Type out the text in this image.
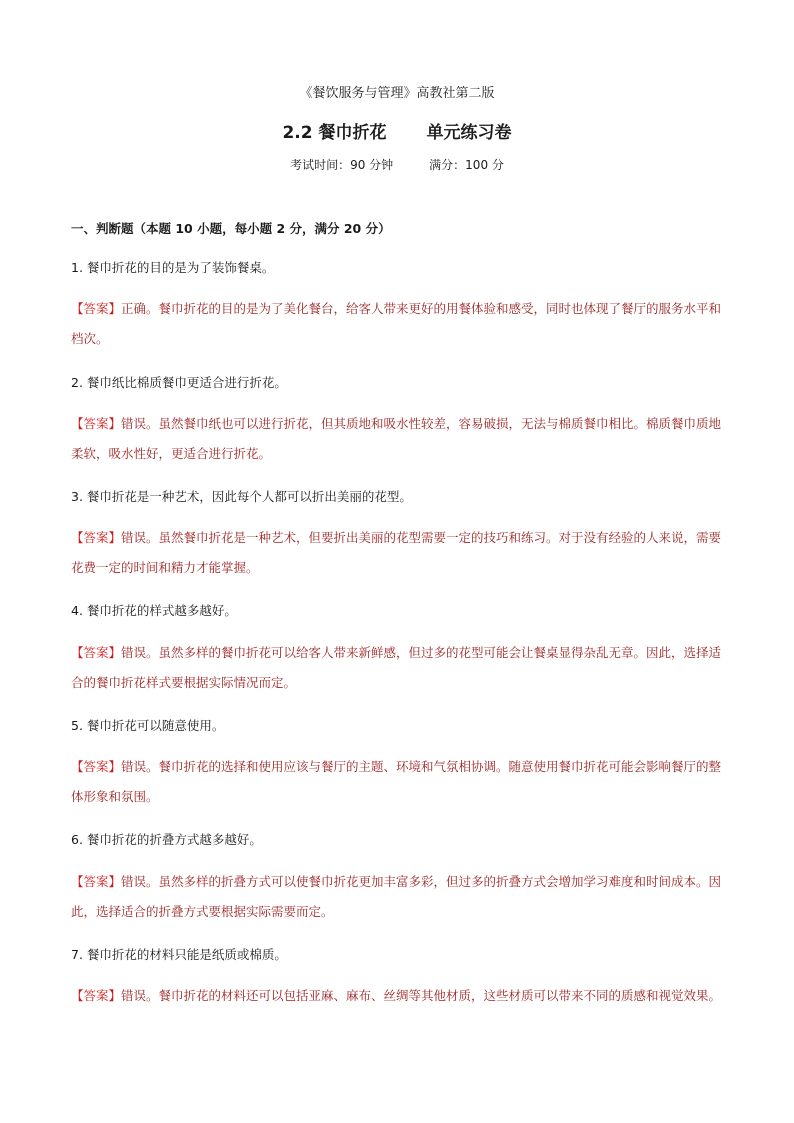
《餐饮服务与管理》高教社第二版
2.2 餐巾折花 单元练习卷
考试时间：90 分钟	满分：100 分
一、判断题（本题 10 小题，每小题 2 分，满分 20 分）
1. 餐巾折花的目的是为了装饰餐桌。
【答案】正确。餐巾折花的目的是为了美化餐台，给客人带来更好的用餐体验和感受，同时也体现了餐厅的服务水平和档次。
2. 餐巾纸比棉质餐巾更适合进行折花。
【答案】错误。虽然餐巾纸也可以进行折花，但其质地和吸水性较差，容易破损，无法与棉质餐巾相比。棉质餐巾质地柔软，吸水性好，更适合进行折花。
3. 餐巾折花是一种艺术，因此每个人都可以折出美丽的花型。
【答案】错误。虽然餐巾折花是一种艺术，但要折出美丽的花型需要一定的技巧和练习。对于没有经验的人来说，需要花费一定的时间和精力才能掌握。
4. 餐巾折花的样式越多越好。
【答案】错误。虽然多样的餐巾折花可以给客人带来新鲜感，但过多的花型可能会让餐桌显得杂乱无章。因此，选择适合的餐巾折花样式要根据实际情况而定。
5. 餐巾折花可以随意使用。
【答案】错误。餐巾折花的选择和使用应该与餐厅的主题、环境和气氛相协调。随意使用餐巾折花可能会影响餐厅的整体形象和氛围。
6. 餐巾折花的折叠方式越多越好。
【答案】错误。虽然多样的折叠方式可以使餐巾折花更加丰富多彩，但过多的折叠方式会增加学习难度和时间成本。因此，选择适合的折叠方式要根据实际需要而定。
7. 餐巾折花的材料只能是纸质或棉质。
【答案】错误。餐巾折花的材料还可以包括亚麻、麻布、丝绸等其他材质，这些材质可以带来不同的质感和视觉效果。
